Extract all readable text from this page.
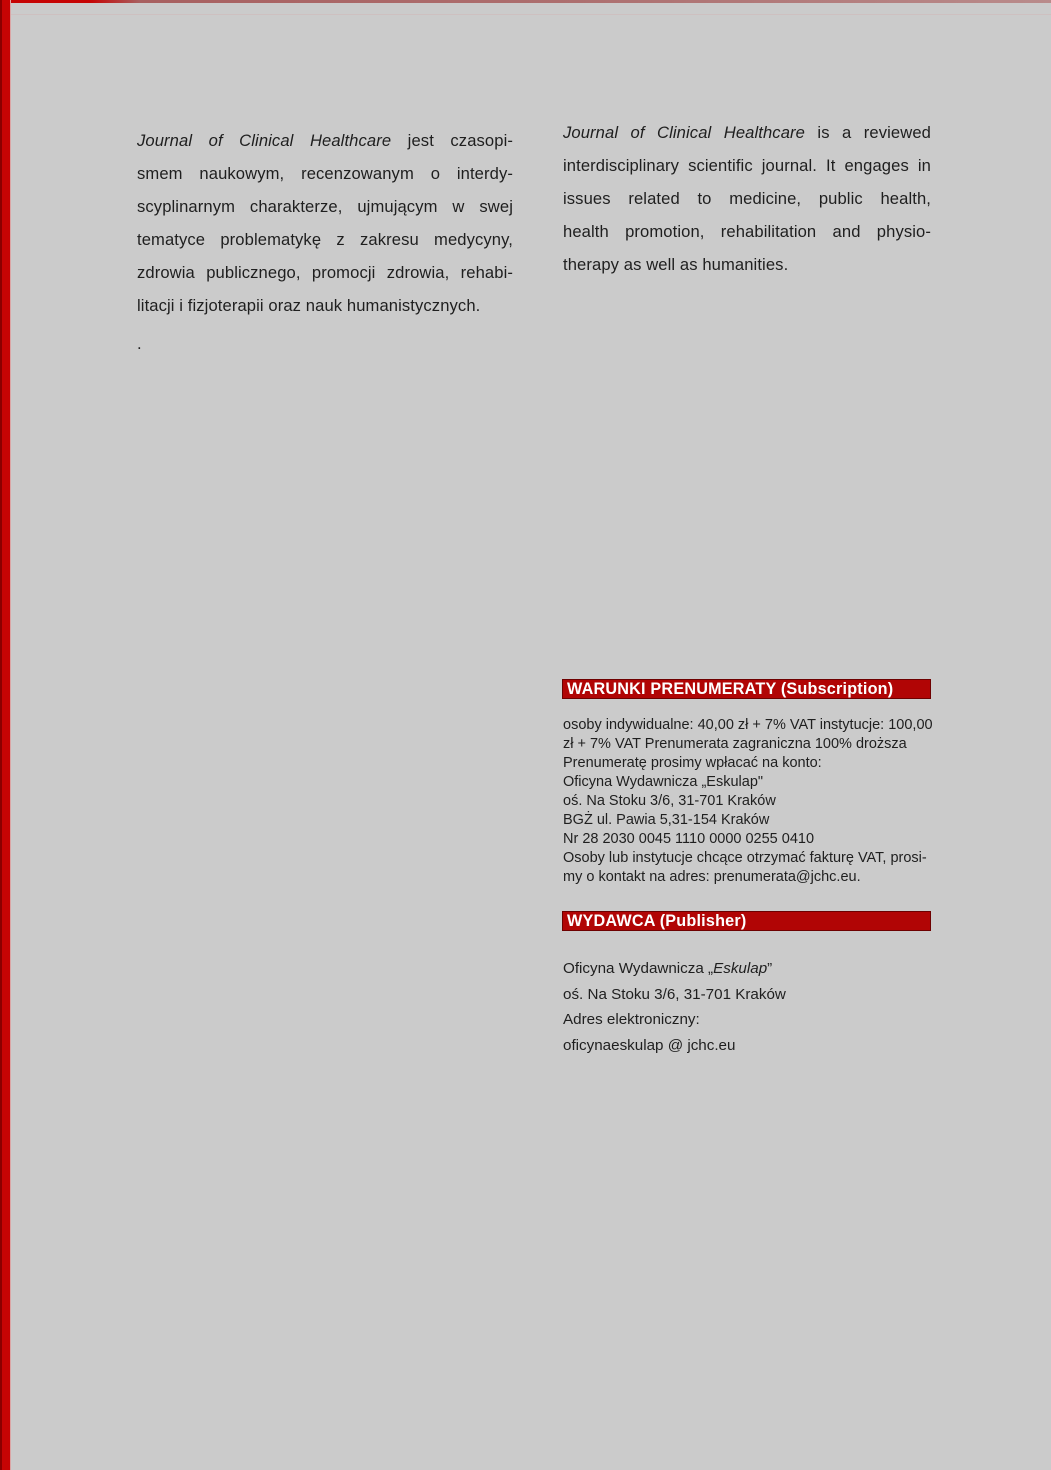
Journal of Clinical Healthcare jest czasopi-
smem naukowym, recenzowanym o interdy-
scyplinarnym charakterze, ujmującym w swej
tematyce problematykę z zakresu medycyny,
zdrowia publicznego, promocji zdrowia, rehabi-
litacji i fizjoterapii oraz nauk humanistycznych.
Journal of Clinical Healthcare is a reviewed
interdisciplinary scientific journal. It engages in
issues related to medicine, public health,
health promotion, rehabilitation and physio-
therapy as well as humanities.
.
WARUNKI PRENUMERATY (Subscription)
osoby indywidualne: 40,00 zł + 7% VAT instytucje: 100,00
zł + 7% VAT Prenumerata zagraniczna 100% droższa
Prenumeratę prosimy wpłacać na konto:
Oficyna Wydawnicza „Eskulap"
oś. Na Stoku 3/6, 31-701 Kraków
BGŻ ul. Pawia 5,31-154 Kraków
Nr 28 2030 0045 1110 0000 0255 0410
Osoby lub instytucje chcące otrzymać fakturę VAT, prosi-
my o kontakt na adres: prenumerata@jchc.eu.
WYDAWCA (Publisher)
Oficyna Wydawnicza „Eskulap”
oś. Na Stoku 3/6, 31-701 Kraków
Adres elektroniczny:
oficynaeskulap @ jchc.eu
